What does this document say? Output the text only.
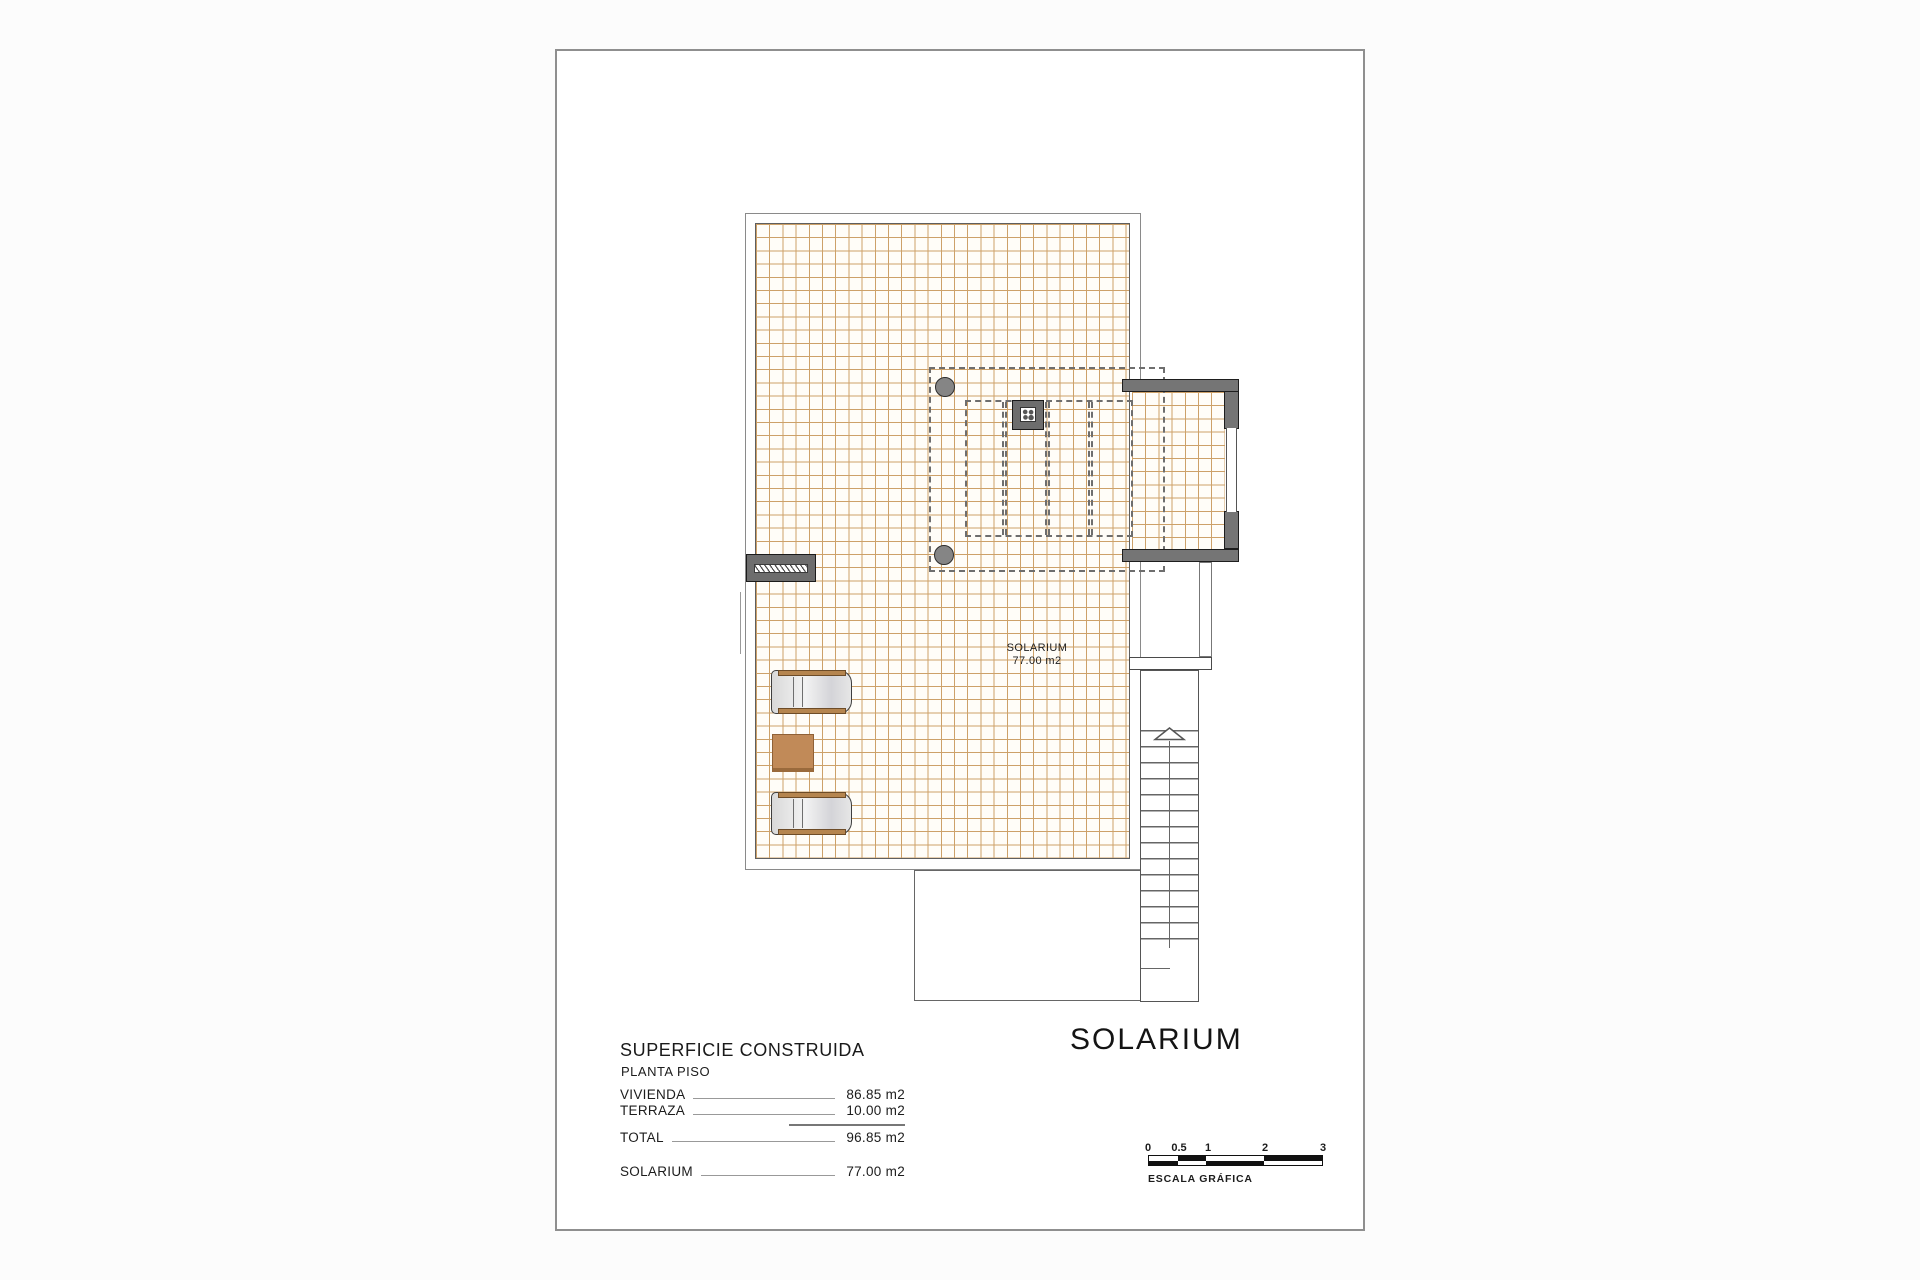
SOLARIUM
77.00 m2
SOLARIUM
SUPERFICIE CONSTRUIDA
PLANTA PISO
VIVIENDA	86.85 m2
TERRAZA	10.00 m2
TOTAL	96.85 m2
SOLARIUM	77.00 m2
0 0.5 1	2	3
ESCALA GRÁFICA
